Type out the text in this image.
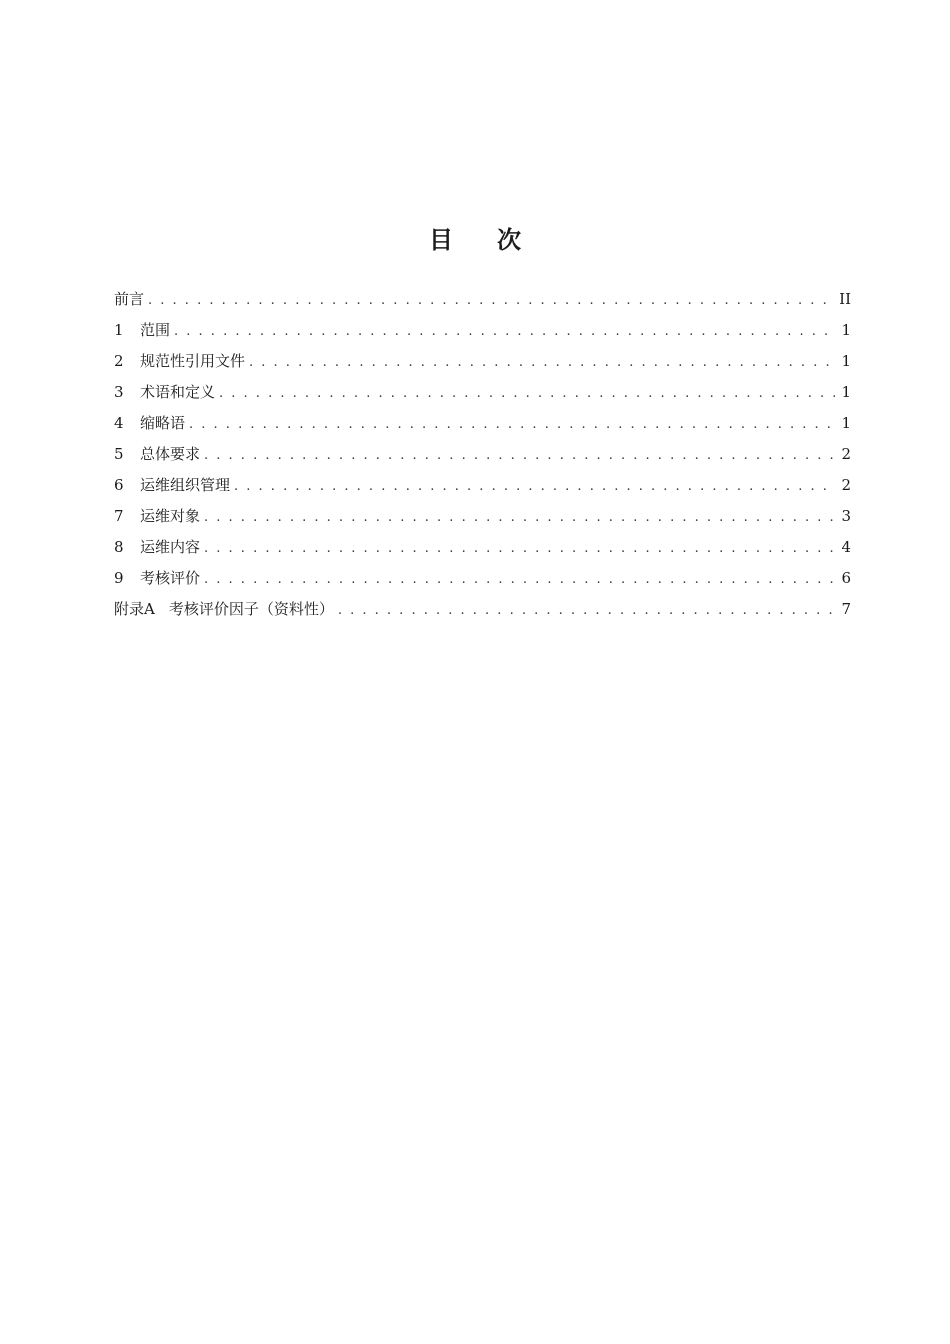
目 次
前言 . . .	II
1	范围 . . .	1
2	规范性引用文件 . . .	1
3	术语和定义 . . .	1
4	缩略语 . . .	1
5	总体要求 . . .	2
6	运维组织管理 . . .	2
7	运维对象 . . .	3
8	运维内容 . . .	4
9	考核评价 . . .	6
附录A 考核评价因子（资料性） . . .	7
